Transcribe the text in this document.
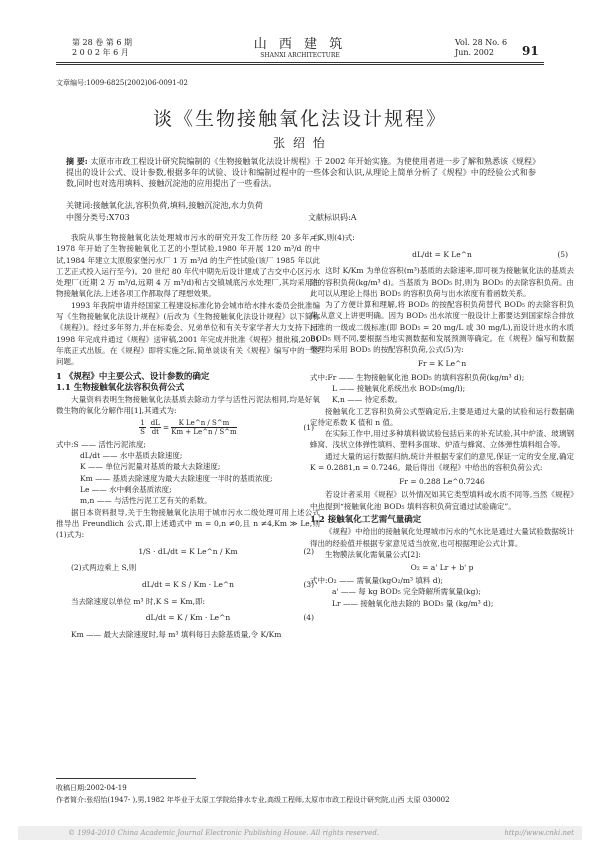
第 28 卷 第 6 期
2 0 0 2 年 6 月
山 西 建 筑
SHANXI ARCHITECTURE
Vol. 28 No. 6
Jun. 2002	91
文章编号:1009-6825(2002)06-0091-02
谈《生物接触氧化法设计规程》
张 绍 怡
摘 要: 太原市市政工程设计研究院编制的《生物接触氧化法设计规程》于 2002 年开始实施。为使使用者进一步了解和熟悉该《规程》提出的设计公式、设计参数,根据多年的试验、设计和编制过程中的一些体会和认识,从理论上简单分析了《规程》中的经验公式和参数,同时也对选用填料、接触沉淀池的应用提出了一些看法。
关键词:接触氧化法,容积负荷,填料,接触沉淀池,水力负荷
中图分类号:X703	文献标识码:A

我院从事生物接触氧化法处理城市污水的研究开发工作历经 20 多年,自 1978 年开始了生物接触氧化工艺的小型试验,1980 年开展 120 m³/d 的中试,1984 年建立太原殷家堡污水厂 1 万 m³/d 的生产性试验(该厂 1985 年以此工艺正式投入运行至今)。20 世纪 80 年代中期先后设计建成了古交中心区污水处理厂(近期 2 万 m³/d,远期 4 万 m³/d)和古交镇城底污水处理厂,其均采用生物接触氧化法,上述各项工作都取得了理想效果。

1993 年我院申请并经国家工程建设标准化协会城市给水排水委员会批准编写《生物接触氧化法设计规程》(后改为《生物接触氧化法设计规程》以下简称《规程》)。经过多年努力,并在标委会、兄弟单位和有关专家学者大力支持下,于 1998 年完成并通过《规程》送审稿,2001 年完成并批准《规程》报批稿,2001 年底正式出版。在《规程》即将实施之际,简单谈谈有关《规程》编写中的一些问题。

1 《规程》中主要公式、设计参数的确定

1.1 生物接触氧化法容积负荷公式

大量资料表明生物接触氧化法基质去除动力学与活性污泥法相同,均是好氧微生物的氧化分解作用[1],其通式为:

$\frac{1}{S} \frac{dL}{dt} = \frac{\text{K Le\textasciicircum{}n / S\textasciicircum{}m}}{Km + Le\^{}n / S\^{}m}$	(1)

式中:S —— 活性污泥浓度;

dL/dt —— 水中基质去除速度;

K —— 单位污泥量对基质的最大去除速度;

Km —— 基质去除速度为最大去除速度一半时的基质浓度;

Le —— 水中剩余基质浓度;

m,n —— 与活性污泥工艺有关的系数。

据日本资料报导,关于生物接触氧化法用于城市污水二级处理可用上述公式推导出 Freundlich 公式,即上述通式中 m = 0,n ≠0,且 n ≠4,Km ≫ Le,则(1)式为:

1/S · dL/dt = K Le^n / Km	(2)

(2)式两边乘上 S,则

dL/dt = K S / Km · Le^n	(3)

当去除速度以单位 m³ 时,K S = Km,即:

dL/dt = K / Km · Le^n	(4)

Km —— 最大去除速度时,每 m³ 填料每日去除基质量,令 K/Km

= K,则(4)式:

dL/dt = K Le^n	(5)

这时 K/Km 为单位容积(m³)基质的去除速率,即可视为接触氧化法的基质去除的容积负荷(kg/m³ d)。当基质为 BOD₅ 时,则为 BOD₅ 的去除容积负荷。由此可以从理论上得出 BOD₅ 的容积负荷与出水浓度有着函数关系。

为了方便计算和理解,将 BOD₅ 的按配容积负荷替代 BOD₅ 的去除容积负荷,从意义上讲更明确。因为 BOD₅ 出水浓度一般设计上都要达到国家综合排放标准的一级或二级标准(即 BOD₅ = 20 mg/L 或 30 mg/L),而设计进水的水质 BOD₅ 则不同,要根据当地实测数据和发展预测等确定。在《规程》编写和数据整理均采用 BOD₅ 的按配容积负荷,公式(5)为:

Fr = K Le^n

式中:Fr —— 生物接触氧化池 BOD₅ 的填料容积负荷(kg/m³ d);

L —— 接触氧化系统出水 BOD₅(mg/l);

K,n —— 待定系数。

接触氧化工艺容积负荷公式型确定后,主要是通过大量的试验和运行数据确定待定系数 K 值和 n 值。

在实际工作中,用过多种填料做试验包括后来的补充试验,其中炉渣、玻璃钢蜂窝、浅状立体弹性填料、塑料多面球、炉渣与蜂窝、立体弹性填料组合等。

通过大量的运行数据归纳,统计并根据专家们的意见,保证一定的安全度,确定 K = 0.2881,n = 0.7246。最后得出《规程》中给出的容积负荷公式:

Fr = 0.288 Le^0.7246

若设计者采用《规程》以外情况如其它类型填料或水质不同等,当然《规程》中也提到“接触氧化池 BOD₅ 填料容积负荷宜通过试验确定”。

1.2 接触氧化工艺需气量确定

《规程》中给出的接触氧化处理城市污水的气水比是通过大量试验数据统计得出的经验值并根据专家意见适当放宽,也可根据理论公式计算。

生物膜法氧化需氧量公式[2]:

O₂ = a' Lr + b' p

式中:O₂ —— 需氧量(kgO₂/m³ 填料 d);

a' —— 每 kg BOD₅ 完全降解所需氧量(kg);

Lr —— 接触氧化池去除的 BOD₅ 量 (kg/m³ d);

收稿日期:2002-04-19
作者简介:张绍怡(1947- ),男,1982 年毕业于太原工学院给排水专业,高级工程师,太原市市政工程设计研究院,山西 太原 030002
© 1994-2010 China Academic Journal Electronic Publishing House. All rights reserved.	http://www.cnki.net
